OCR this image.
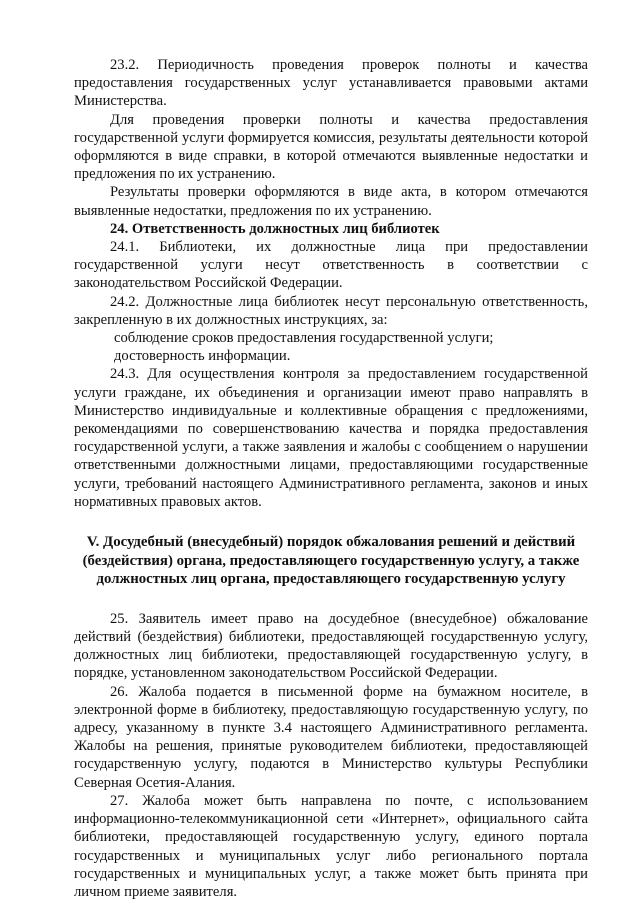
23.2. Периодичность проведения проверок полноты и качества предоставления государственных услуг устанавливается правовыми актами Министерства.

Для проведения проверки полноты и качества предоставления государственной услуги формируется комиссия, результаты деятельности которой оформляются в виде справки, в которой отмечаются выявленные недостатки и предложения по их устранению.

Результаты проверки оформляются в виде акта, в котором отмечаются выявленные недостатки, предложения по их устранению.

24. Ответственность должностных лиц библиотек

24.1. Библиотеки, их должностные лица при предоставлении государственной услуги несут ответственность в соответствии с законодательством Российской Федерации.

24.2. Должностные лица библиотек несут персональную ответственность, закрепленную в их должностных инструкциях, за:

соблюдение сроков предоставления государственной услуги;

достоверность информации.

24.3. Для осуществления контроля за предоставлением государственной услуги граждане, их объединения и организации имеют право направлять в Министерство индивидуальные и коллективные обращения с предложениями, рекомендациями по совершенствованию качества и порядка предоставления государственной услуги, а также заявления и жалобы с сообщением о нарушении ответственными должностными лицами, предоставляющими государственные услуги, требований настоящего Административного регламента, законов и иных нормативных правовых актов.

V. Досудебный (внесудебный) порядок обжалования решений и действий (бездействия) органа, предоставляющего государственную услугу, а также должностных лиц органа, предоставляющего государственную услугу

25. Заявитель имеет право на досудебное (внесудебное) обжалование действий (бездействия) библиотеки, предоставляющей государственную услугу, должностных лиц библиотеки, предоставляющей государственную услугу, в порядке, установленном законодательством Российской Федерации.

26. Жалоба подается в письменной форме на бумажном носителе, в электронной форме в библиотеку, предоставляющую государственную услугу, по адресу, указанному в пункте 3.4 настоящего Административного регламента. Жалобы на решения, принятые руководителем библиотеки, предоставляющей государственную услугу, подаются в Министерство культуры Республики Северная Осетия-Алания.

27. Жалоба может быть направлена по почте, с использованием информационно-телекоммуникационной сети «Интернет», официального сайта библиотеки, предоставляющей государственную услугу, единого портала государственных и муниципальных услуг либо регионального портала государственных и муниципальных услуг, а также может быть принята при личном приеме заявителя.
